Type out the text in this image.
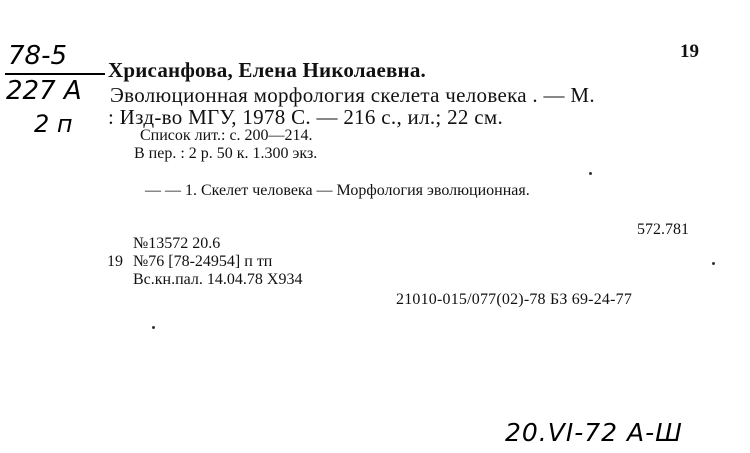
78-5
227 А
2 п
19
Хрисанфова, Елена Николаевна.
Эволюционная морфология скелета человека . — М.
: Изд-во МГУ, 1978 С. — 216 с., ил.; 22 см.
Список лит.: с. 200—214.
В пер. : 2 р. 50 к. 1.300 экз.
— — 1. Скелет человека — Морфология эволюционная.
572.781
№13572 20.6
19 №76 [78-24954] п тп
Вс.кн.пал. 14.04.78 Х934
21010-015/077(02)-78 БЗ 69-24-77
20.VI-72 А-Ш
